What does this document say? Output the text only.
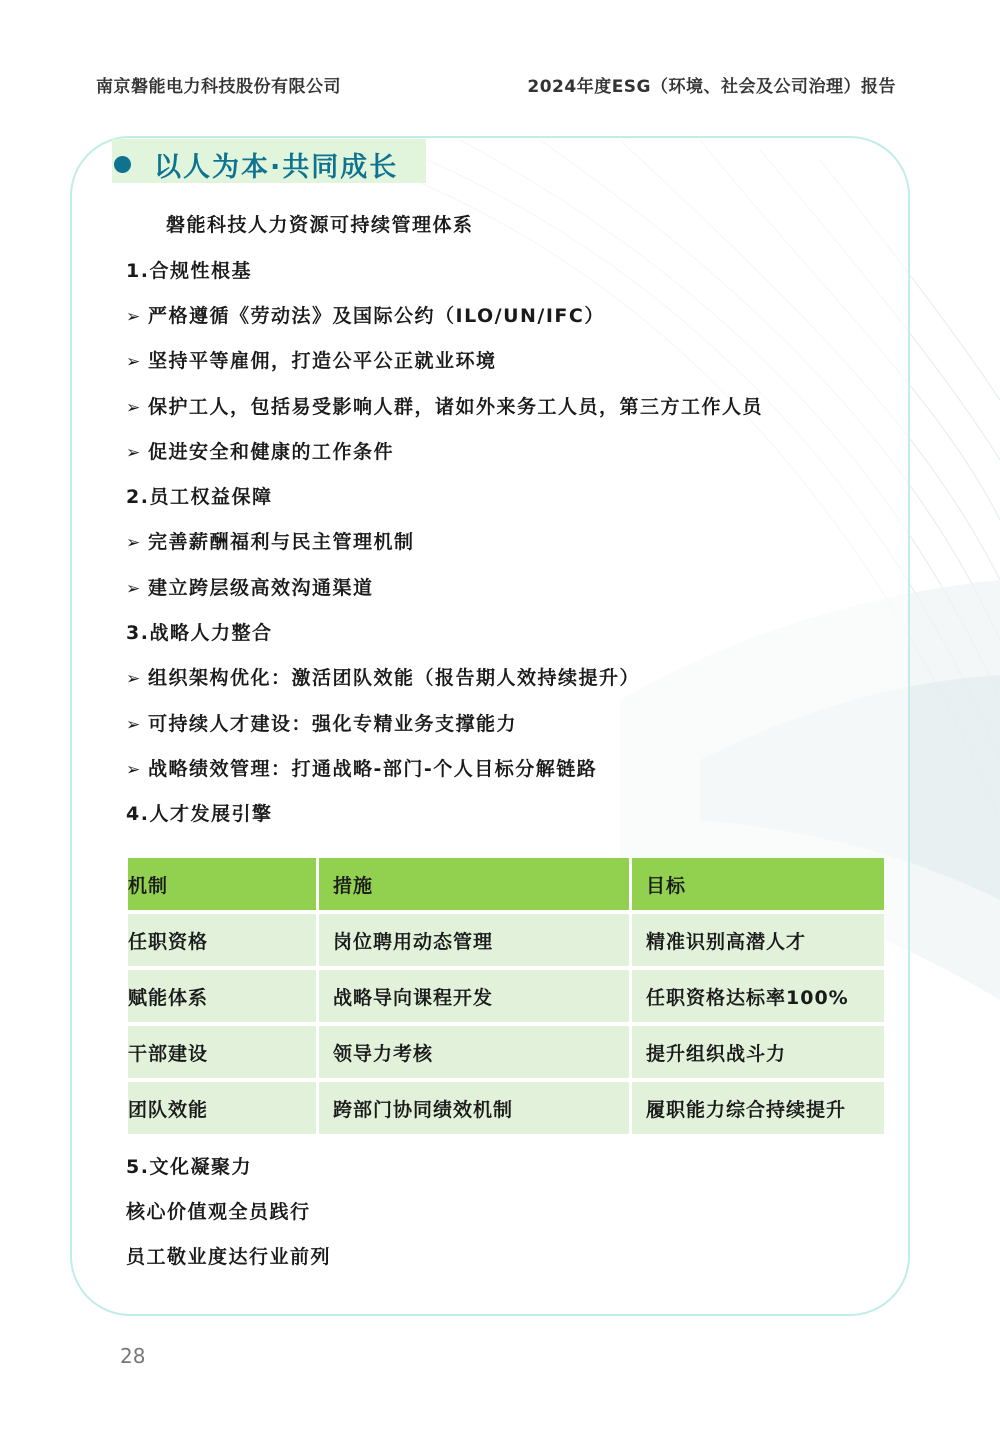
南京磐能电力科技股份有限公司	2024年度ESG（环境、社会及公司治理）报告
以人为本·共同成长
磐能科技人力资源可持续管理体系
1.合规性根基
➢ 严格遵循《劳动法》及国际公约（ILO/UN/IFC）
➢ 坚持平等雇佣，打造公平公正就业环境
➢ 保护工人，包括易受影响人群，诸如外来务工人员，第三方工作人员
➢ 促进安全和健康的工作条件
2.员工权益保障
➢ 完善薪酬福利与民主管理机制
➢ 建立跨层级高效沟通渠道
3.战略人力整合
➢ 组织架构优化：激活团队效能（报告期人效持续提升）
➢ 可持续人才建设：强化专精业务支撑能力
➢ 战略绩效管理：打通战略-部门-个人目标分解链路
4.人才发展引擎
机制	措施	目标
任职资格	岗位聘用动态管理	精准识别高潜人才
赋能体系	战略导向课程开发	任职资格达标率100%
干部建设	领导力考核	提升组织战斗力
团队效能	跨部门协同绩效机制	履职能力综合持续提升
5.文化凝聚力
核心价值观全员践行
员工敬业度达行业前列
28
